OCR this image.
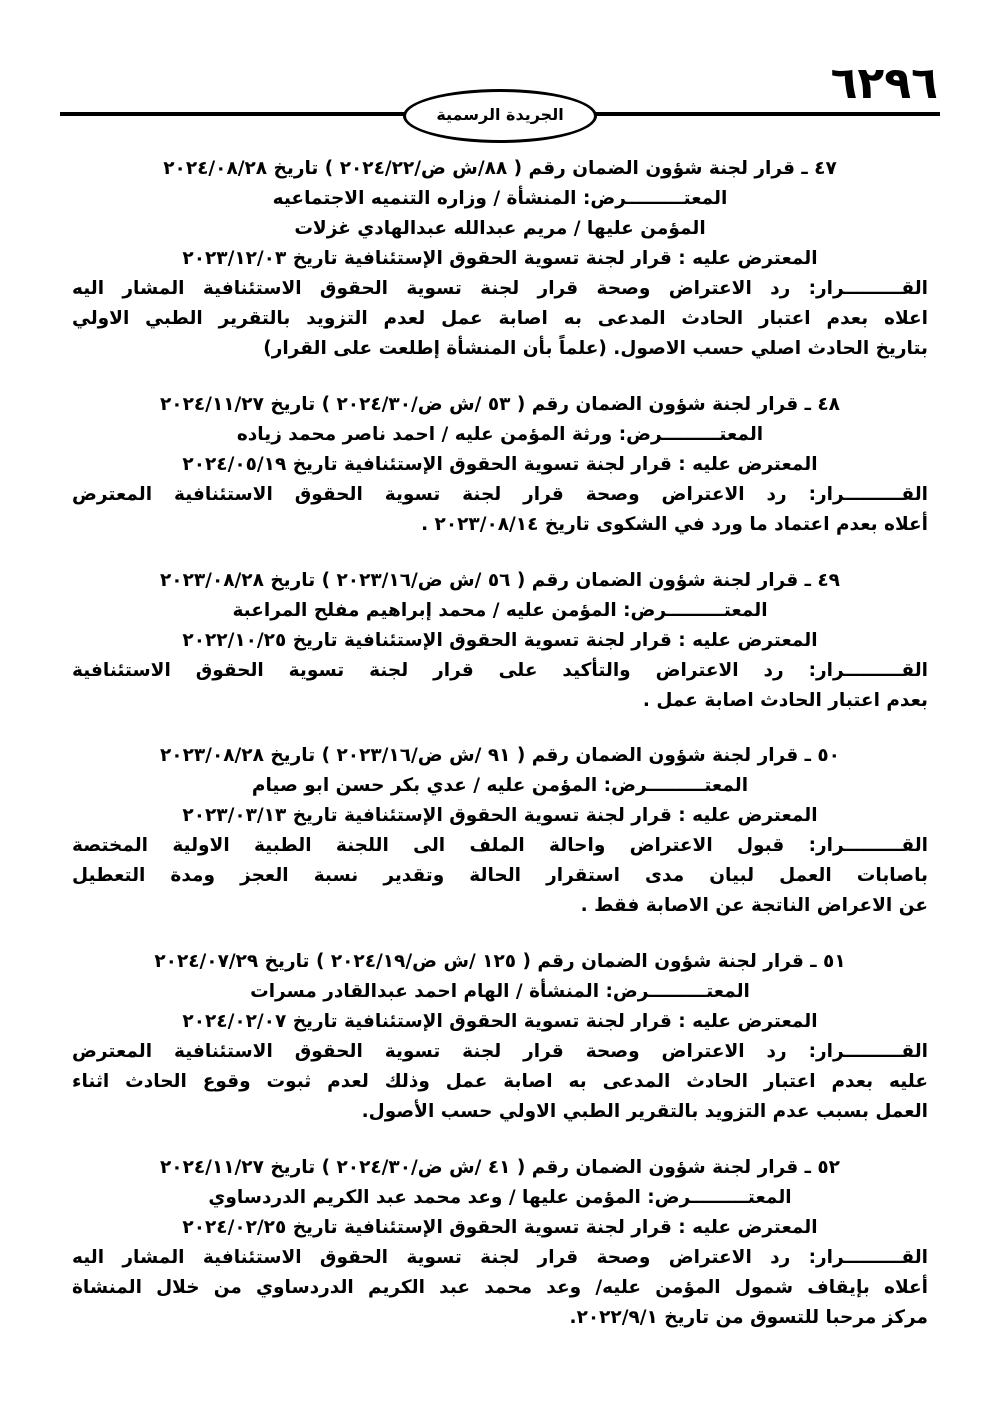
٦٢٩٦
الجريدة الرسمية
٤٧ ـ قرار لجنة شؤون الضمان رقم ( ٨٨/ش ض/٢٠٢٤/٢٢ ) تاريخ ٢٠٢٤/٠٨/٢٨
المعتـــــــــرض: المنشأة / وزاره التنميه الاجتماعيه
المؤمن عليها / مريم عبدالله عبدالهادي غزلات
المعترض عليه : قرار لجنة تسوية الحقوق الإستئنافية تاريخ ٢٠٢٣/١٢/٠٣
القـــــــــرار: رد الاعتراض وصحة قرار لجنة تسوية الحقوق الاستئنافية المشار اليه
اعلاه بعدم اعتبار الحادث المدعى به اصابة عمل لعدم التزويد بالتقرير الطبي الاولي
بتاريخ الحادث اصلي حسب الاصول. (علماً بأن المنشأة إطلعت على القرار)
٤٨ ـ قرار لجنة شؤون الضمان رقم ( ٥٣ /ش ض/٢٠٢٤/٣٠ ) تاريخ ٢٠٢٤/١١/٢٧
المعتـــــــــرض: ورثة المؤمن عليه / احمد ناصر محمد زياده
المعترض عليه : قرار لجنة تسوية الحقوق الإستئنافية تاريخ ٢٠٢٤/٠٥/١٩
القـــــــــرار: رد الاعتراض وصحة قرار لجنة تسوية الحقوق الاستئنافية المعترض
أعلاه بعدم اعتماد ما ورد في الشكوى تاريخ ٢٠٢٣/٠٨/١٤ .
٤٩ ـ قرار لجنة شؤون الضمان رقم ( ٥٦ /ش ض/٢٠٢٣/١٦ ) تاريخ ٢٠٢٣/٠٨/٢٨
المعتـــــــــرض: المؤمن عليه / محمد إبراهيم مفلح المراعبة
المعترض عليه : قرار لجنة تسوية الحقوق الإستئنافية تاريخ ٢٠٢٢/١٠/٢٥
القـــــــــرار: رد الاعتراض والتأكيد على قرار لجنة تسوية الحقوق الاستئنافية
بعدم اعتبار الحادث اصابة عمل .
٥٠ ـ قرار لجنة شؤون الضمان رقم ( ٩١ /ش ض/٢٠٢٣/١٦ ) تاريخ ٢٠٢٣/٠٨/٢٨
المعتـــــــــرض: المؤمن عليه / عدي بكر حسن ابو صيام
المعترض عليه : قرار لجنة تسوية الحقوق الإستئنافية تاريخ ٢٠٢٣/٠٣/١٣
القـــــــــرار: قبول الاعتراض واحالة الملف الى اللجنة الطبية الاولية المختصة
باصابات العمل لبيان مدى استقرار الحالة وتقدير نسبة العجز ومدة التعطيل
عن الاعراض الناتجة عن الاصابة فقط .
٥١ ـ قرار لجنة شؤون الضمان رقم ( ١٢٥ /ش ض/٢٠٢٤/١٩ ) تاريخ ٢٠٢٤/٠٧/٢٩
المعتـــــــــرض: المنشأة / الهام احمد عبدالقادر مسرات
المعترض عليه : قرار لجنة تسوية الحقوق الإستئنافية تاريخ ٢٠٢٤/٠٢/٠٧
القـــــــــرار: رد الاعتراض وصحة قرار لجنة تسوية الحقوق الاستئنافية المعترض
عليه بعدم اعتبار الحادث المدعى به اصابة عمل وذلك لعدم ثبوت وقوع الحادث اثناء
العمل بسبب عدم التزويد بالتقرير الطبي الاولي حسب الأصول.
٥٢ ـ قرار لجنة شؤون الضمان رقم ( ٤١ /ش ض/٢٠٢٤/٣٠ ) تاريخ ٢٠٢٤/١١/٢٧
المعتـــــــــرض: المؤمن عليها / وعد محمد عبد الكريم الدردساوي
المعترض عليه : قرار لجنة تسوية الحقوق الإستئنافية تاريخ ٢٠٢٤/٠٢/٢٥
القـــــــــرار: رد الاعتراض وصحة قرار لجنة تسوية الحقوق الاستئنافية المشار اليه
أعلاه بإيقاف شمول المؤمن عليه/ وعد محمد عبد الكريم الدردساوي من خلال المنشاة
مركز مرحبا للتسوق من تاريخ ٢٠٢٢/٩/١.
